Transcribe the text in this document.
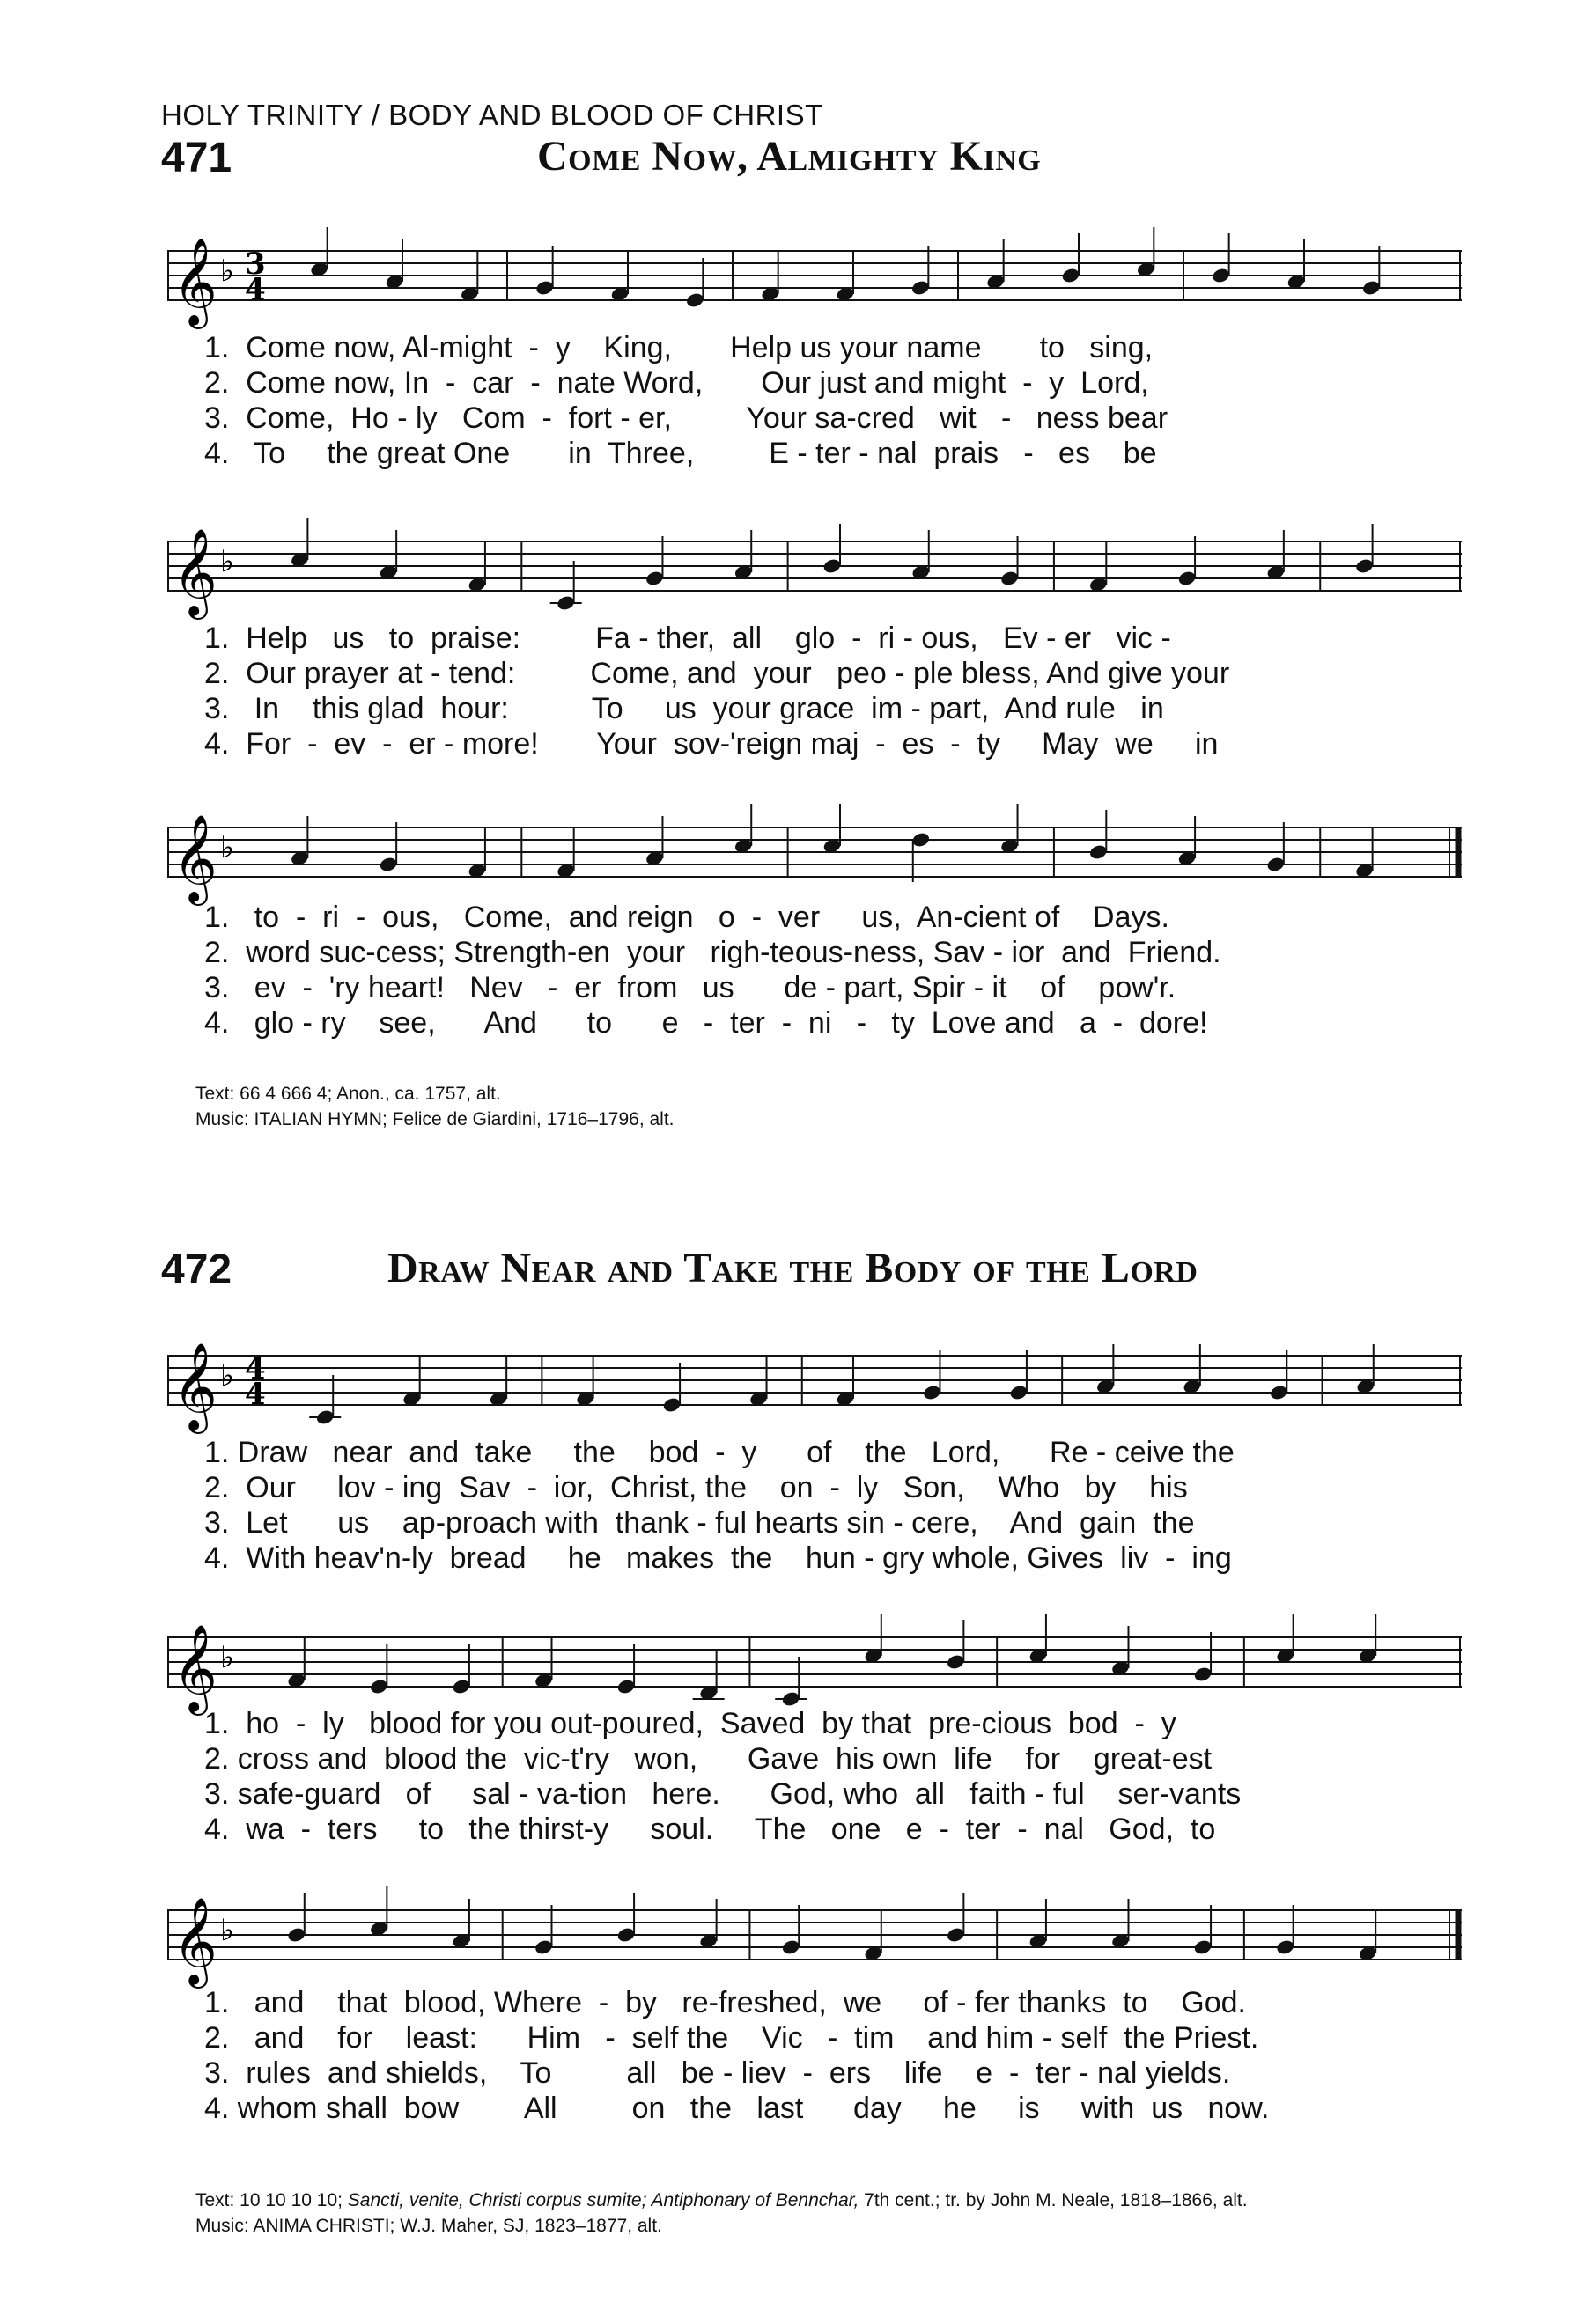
HOLY TRINITY / BODY AND BLOOD OF CHRIST
471	Come Now, Almighty King
𝄞 ♭ 3
4
1.  Come now, Al-might  -  y    King,       Help us your name       to   sing,
2.  Come now, In  -  car  -  nate Word,       Our just and might  -  y  Lord,
3.  Come,  Ho - ly   Com  -  fort - er,         Your sa-cred   wit   -   ness bear
4.   To     the great One       in  Three,         E - ter - nal  prais   -   es    be
𝄞 ♭
1.  Help   us   to  praise:         Fa - ther,  all    glo  -  ri - ous,   Ev - er   vic -
2.  Our prayer at - tend:         Come, and  your   peo - ple bless, And give your
3.   In    this glad  hour:          To     us  your grace  im - part,  And rule   in
4.  For  -  ev  -  er - more!       Your  sov-'reign maj  -  es  -  ty     May  we     in
𝄞 ♭
1.   to  -  ri  -  ous,   Come,  and reign   o  -  ver     us,  An-cient of    Days.
2.  word suc-cess; Strength-en  your   righ-teous-ness, Sav - ior  and  Friend.
3.   ev  -  'ry heart!   Nev   -  er  from   us      de - part, Spir - it    of    pow'r.
4.   glo - ry    see,      And      to      e   -  ter  -  ni   -   ty  Love and   a  -  dore!
Text: 66 4 666 4; Anon., ca. 1757, alt.
Music: ITALIAN HYMN; Felice de Giardini, 1716–1796, alt.
472	Draw Near and Take the Body of the Lord
𝄞 ♭ 4
4
1. Draw   near  and  take     the    bod  -  y      of    the   Lord,      Re - ceive the
2.  Our     lov - ing  Sav  -  ior,  Christ, the    on  -  ly   Son,    Who   by    his
3.  Let      us    ap-proach with  thank - ful hearts sin - cere,    And  gain  the
4.  With heav'n-ly  bread     he   makes  the    hun - gry whole, Gives  liv  -  ing
𝄞 ♭
1.  ho  -  ly   blood for you out-poured,  Saved  by that  pre-cious  bod  -  y
2. cross and  blood the  vic-t'ry   won,      Gave  his own  life    for    great-est
3. safe-guard   of     sal - va-tion   here.      God, who  all   faith - ful    ser-vants
4.  wa  -  ters     to   the thirst-y     soul.     The   one   e  -  ter  -  nal   God,  to
𝄞 ♭
1.   and    that  blood, Where  -  by   re-freshed,  we     of - fer thanks  to    God.
2.   and    for    least:      Him   -  self the    Vic   -  tim    and him - self  the Priest.
3.  rules  and shields,    To         all   be - liev  -  ers    life    e  -  ter - nal yields.
4. whom shall  bow        All         on   the   last      day     he     is     with  us   now.
Text: 10 10 10 10; Sancti, venite, Christi corpus sumite; Antiphonary of Bennchar, 7th cent.; tr. by John M. Neale, 1818–1866, alt.
Music: ANIMA CHRISTI; W.J. Maher, SJ, 1823–1877, alt.
